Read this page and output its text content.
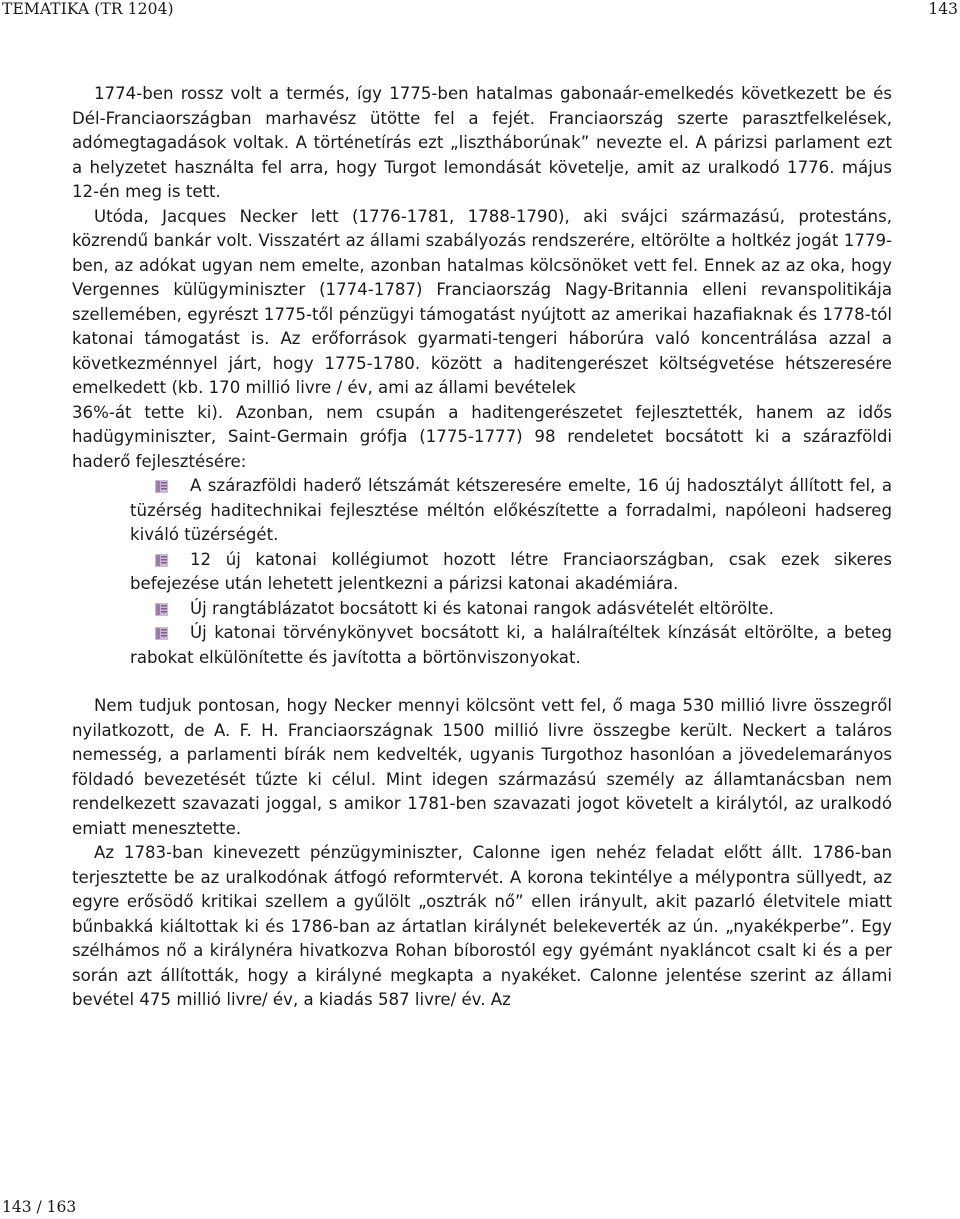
TEMATIKA (TR 1204)	143

1774-ben rossz volt a termés, így 1775-ben hatalmas gabonaár-emelkedés következett be és Dél-Franciaországban marhavész ütötte fel a fejét. Franciaország szerte parasztfelkelések, adómegtagadások voltak. A történetírás ezt „lisztháborúnak” nevezte el. A párizsi parlament ezt a helyzetet használta fel arra, hogy Turgot lemondását követelje, amit az uralkodó 1776. május 12-én meg is tett.

Utóda, Jacques Necker lett (1776-1781, 1788-1790), aki svájci származású, protestáns, közrendű bankár volt. Visszatért az állami szabályozás rendszerére, eltörölte a holtkéz jogát 1779-ben, az adókat ugyan nem emelte, azonban hatalmas kölcsönöket vett fel. Ennek az az oka, hogy Vergennes külügyminiszter (1774-1787) Franciaország Nagy-Britannia elleni revanspolitikája szellemében, egyrészt 1775-től pénzügyi támogatást nyújtott az amerikai hazafiaknak és 1778-tól katonai támogatást is. Az erőforrások gyarmati-tengeri háborúra való koncentrálása azzal a következménnyel járt, hogy 1775-1780. között a haditengerészet költségvetése hétszeresére emelkedett (kb. 170 millió livre / év, ami az állami bevételek

36%-át tette ki). Azonban, nem csupán a haditengerészetet fejlesztették, hanem az idős hadügyminiszter, Saint-Germain grófja (1775-1777) 98 rendeletet bocsátott ki a szárazföldi haderő fejlesztésére:

A szárazföldi haderő létszámát kétszeresére emelte, 16 új hadosztályt állított fel, a tüzérség haditechnikai fejlesztése méltón előkészítette a forradalmi, napóleoni hadsereg kiváló tüzérségét.
12 új katonai kollégiumot hozott létre Franciaországban, csak ezek sikeres befejezése után lehetett jelentkezni a párizsi katonai akadémiára.
Új rangtáblázatot bocsátott ki és katonai rangok adásvételét eltörölte.
Új katonai törvénykönyvet bocsátott ki, a halálraítéltek kínzását eltörölte, a beteg rabokat elkülönítette és javította a börtönviszonyokat.

Nem tudjuk pontosan, hogy Necker mennyi kölcsönt vett fel, ő maga 530 millió livre összegről nyilatkozott, de A. F. H. Franciaországnak 1500 millió livre összegbe került. Neckert a taláros nemesség, a parlamenti bírák nem kedvelték, ugyanis Turgothoz hasonlóan a jövedelemarányos földadó bevezetését tűzte ki célul. Mint idegen származású személy az államtanácsban nem rendelkezett szavazati joggal, s amikor 1781-ben szavazati jogot követelt a királytól, az uralkodó emiatt menesztette.

Az 1783-ban kinevezett pénzügyminiszter, Calonne igen nehéz feladat előtt állt. 1786-ban terjesztette be az uralkodónak átfogó reformtervét. A korona tekintélye a mélypontra süllyedt, az egyre erősödő kritikai szellem a gyűlölt „osztrák nő” ellen irányult, akit pazarló életvitele miatt bűnbakká kiáltottak ki és 1786-ban az ártatlan királynét belekeverték az ún. „nyakékperbe”. Egy szélhámos nő a királynéra hivatkozva Rohan bíborostól egy gyémánt nyakláncot csalt ki és a per során azt állították, hogy a királyné megkapta a nyakéket. Calonne jelentése szerint az állami bevétel 475 millió livre/ év, a kiadás 587 livre/ év. Az

143 / 163
